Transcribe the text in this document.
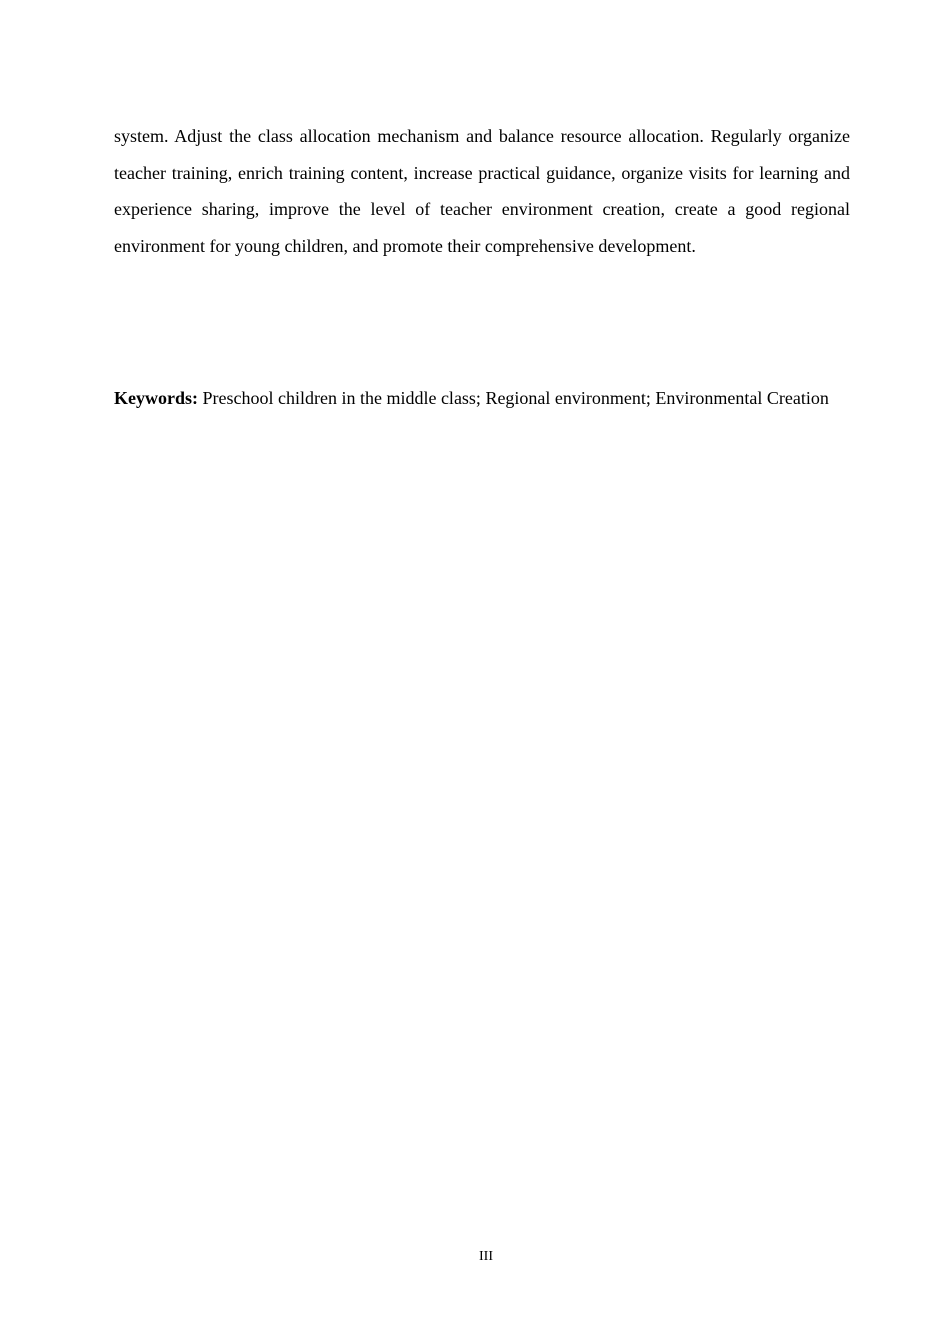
system. Adjust the class allocation mechanism and balance resource allocation. Regularly organize teacher training, enrich training content, increase practical guidance, organize visits for learning and experience sharing, improve the level of teacher environment creation, create a good regional environment for young children, and promote their comprehensive development.

Keywords: Preschool children in the middle class; Regional environment; Environmental Creation

III
